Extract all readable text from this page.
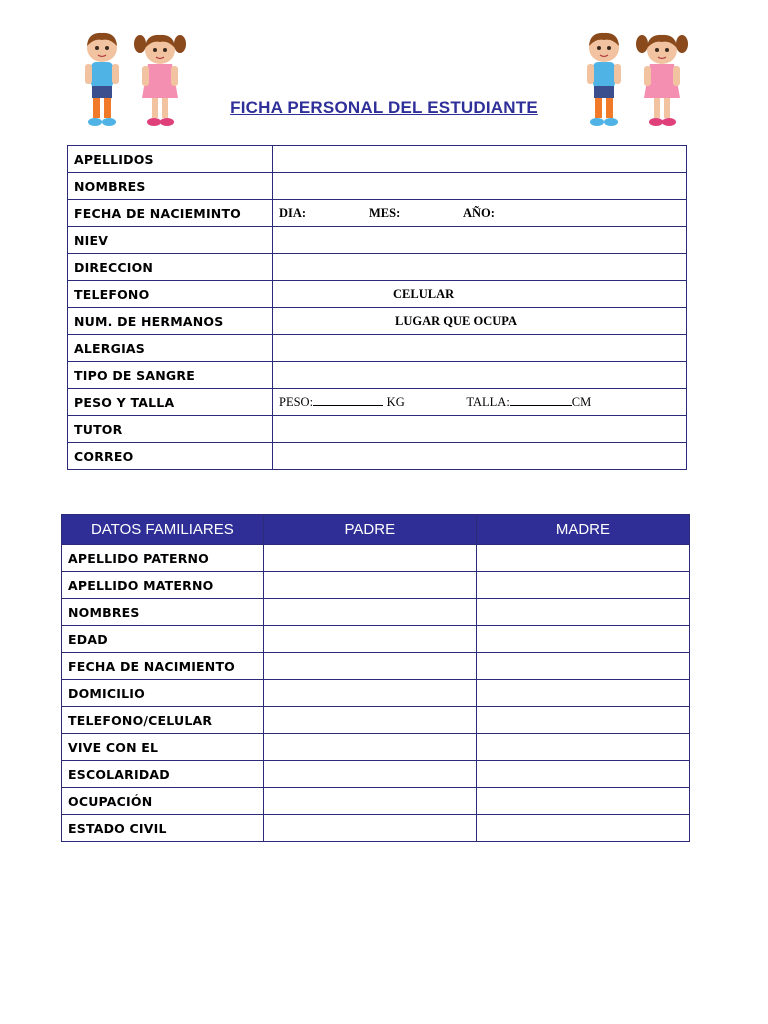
FICHA PERSONAL DEL ESTUDIANTE
APELLIDOS	
NOMBRES	
FECHA DE NACIEMINTO	DIA: MES: AÑO:
NIEV	
DIRECCION	
TELEFONO	CELULAR
NUM. DE HERMANOS	LUGAR QUE OCUPA
ALERGIAS	
TIPO DE SANGRE	
PESO Y TALLA	PESO: KG TALLA: CM
TUTOR	
CORREO	
DATOS FAMILIARES	PADRE	MADRE
APELLIDO PATERNO		
APELLIDO MATERNO		
NOMBRES		
EDAD		
FECHA DE NACIMIENTO		
DOMICILIO		
TELEFONO/CELULAR		
VIVE CON EL		
ESCOLARIDAD		
OCUPACIÓN		
ESTADO CIVIL		
